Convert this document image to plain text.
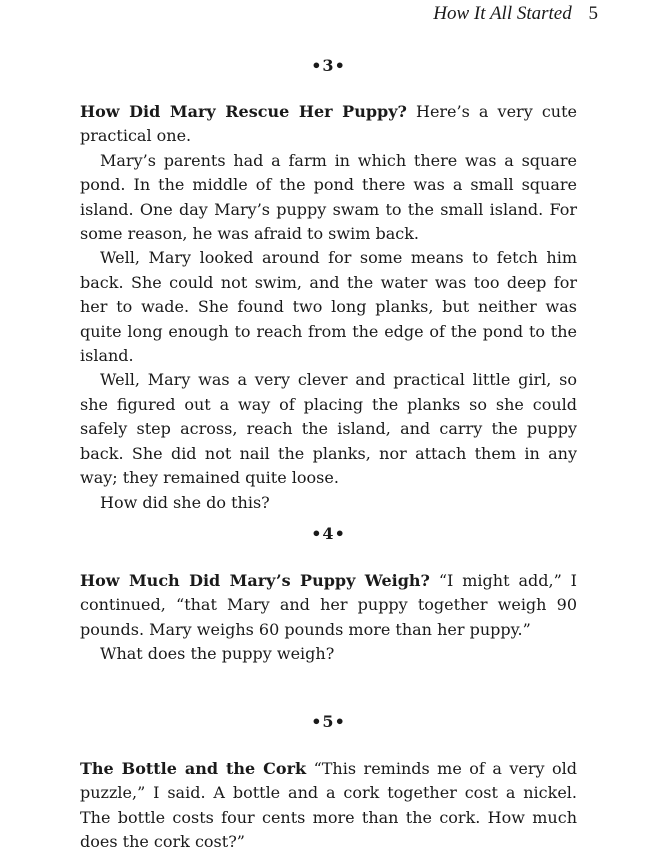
How It All Started 5
•3•

How Did Mary Rescue Her Puppy? Here’s a very cute practical one.

Mary’s parents had a farm in which there was a square pond. In the middle of the pond there was a small square island. One day Mary’s puppy swam to the small island. For some reason, he was afraid to swim back.

Well, Mary looked around for some means to fetch him back. She could not swim, and the water was too deep for her to wade. She found two long planks, but neither was quite long enough to reach from the edge of the pond to the island.

Well, Mary was a very clever and practical little girl, so she figured out a way of placing the planks so she could safely step across, reach the island, and carry the puppy back. She did not nail the planks, nor attach them in any way; they remained quite loose.

How did she do this?

•4•

How Much Did Mary’s Puppy Weigh? “I might add,” I continued, “that Mary and her puppy together weigh 90 pounds. Mary weighs 60 pounds more than her puppy.”

What does the puppy weigh?

•5•

The Bottle and the Cork “This reminds me of a very old puzzle,” I said. A bottle and a cork together cost a nickel. The bottle costs four cents more than the cork. How much does the cork cost?”
